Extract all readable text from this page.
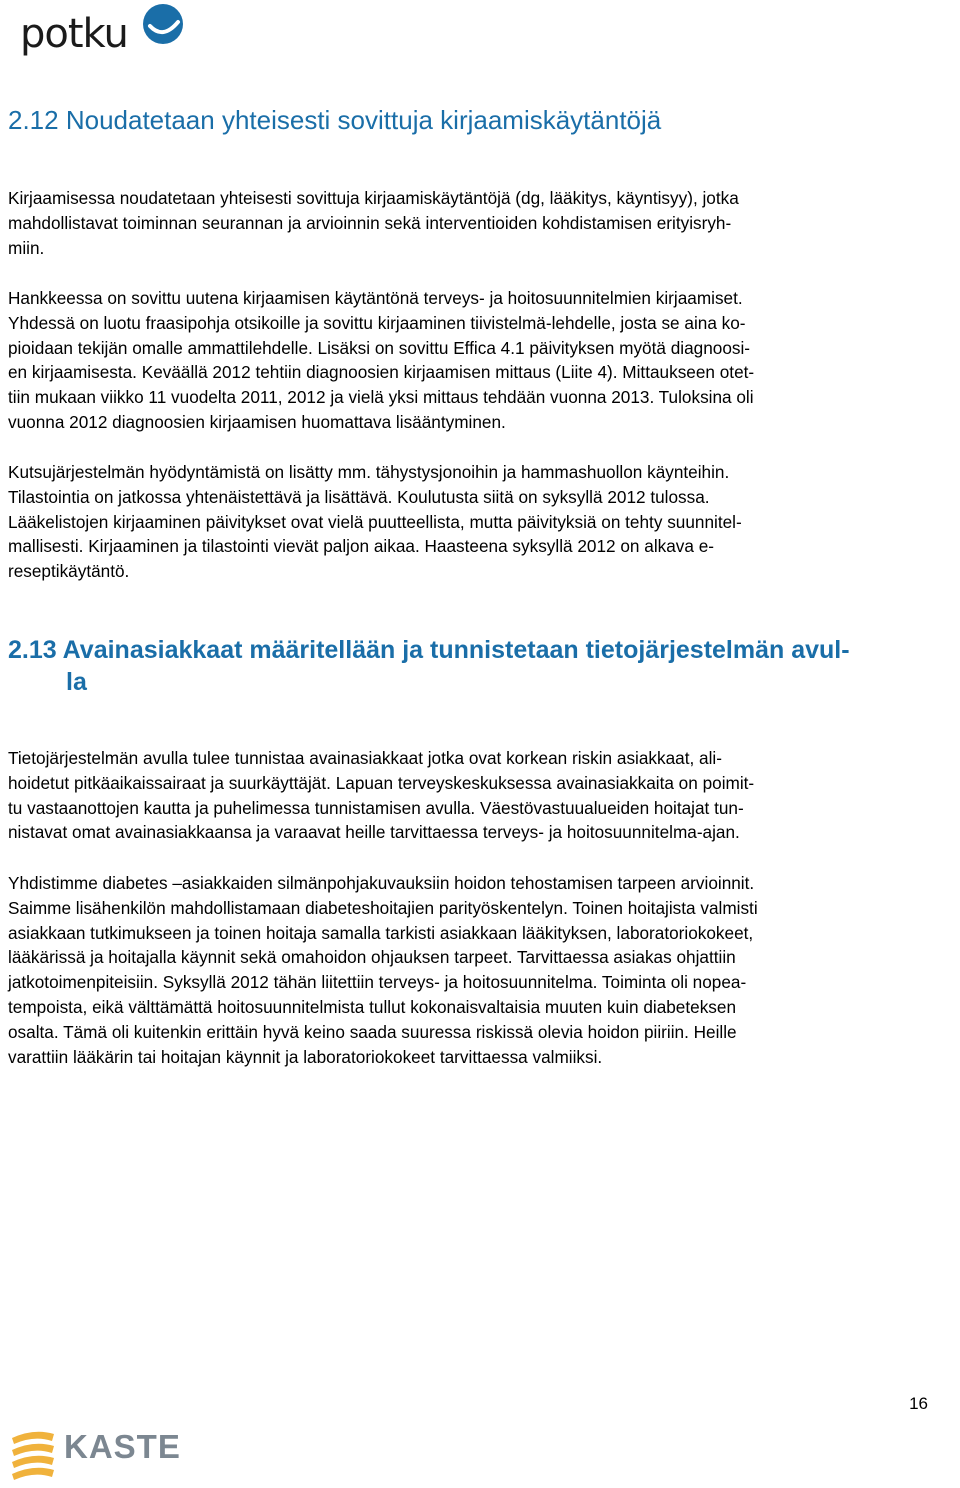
potku
2.12 Noudatetaan yhteisesti sovittuja kirjaamiskäytäntöjä

Kirjaamisessa noudatetaan yhteisesti sovittuja kirjaamiskäytäntöjä (dg, lääkitys, käyntisyy), jotka
mahdollistavat toiminnan seurannan ja arvioinnin sekä interventioiden kohdistamisen erityisryh-
miin.

Hankkeessa on sovittu uutena kirjaamisen käytäntönä terveys- ja hoitosuunnitelmien kirjaamiset.
Yhdessä on luotu fraasipohja otsikoille ja sovittu kirjaaminen tiivistelmä-lehdelle, josta se aina ko-
pioidaan tekijän omalle ammattilehdelle. Lisäksi on sovittu Effica 4.1 päivityksen myötä diagnoosi-
en kirjaamisesta. Keväällä 2012 tehtiin diagnoosien kirjaamisen mittaus (Liite 4). Mittaukseen otet-
tiin mukaan viikko 11 vuodelta 2011, 2012 ja vielä yksi mittaus tehdään vuonna 2013. Tuloksina oli
vuonna 2012 diagnoosien kirjaamisen huomattava lisääntyminen.

Kutsujärjestelmän hyödyntämistä on lisätty mm. tähystysjonoihin ja hammashuollon käynteihin.
Tilastointia on jatkossa yhtenäistettävä ja lisättävä. Koulutusta siitä on syksyllä 2012 tulossa.
Lääkelistojen kirjaaminen päivitykset ovat vielä puutteellista, mutta päivityksiä on tehty suunnitel-
mallisesti. Kirjaaminen ja tilastointi vievät paljon aikaa. Haasteena syksyllä 2012 on alkava e-
reseptikäytäntö.

2.13 Avainasiakkaat määritellään ja tunnistetaan tietojärjestelmän avul-
la

Tietojärjestelmän avulla tulee tunnistaa avainasiakkaat jotka ovat korkean riskin asiakkaat, ali-
hoidetut pitkäaikaissairaat ja suurkäyttäjät. Lapuan terveyskeskuksessa avainasiakkaita on poimit-
tu vastaanottojen kautta ja puhelimessa tunnistamisen avulla. Väestövastuualueiden hoitajat tun-
nistavat omat avainasiakkaansa ja varaavat heille tarvittaessa terveys- ja hoitosuunnitelma-ajan.

Yhdistimme diabetes –asiakkaiden silmänpohjakuvauksiin hoidon tehostamisen tarpeen arvioinnit.
Saimme lisähenkilön mahdollistamaan diabeteshoitajien parityöskentelyn. Toinen hoitajista valmisti
asiakkaan tutkimukseen ja toinen hoitaja samalla tarkisti asiakkaan lääkityksen, laboratoriokokeet,
lääkärissä ja hoitajalla käynnit sekä omahoidon ohjauksen tarpeet. Tarvittaessa asiakas ohjattiin
jatkotoimenpiteisiin. Syksyllä 2012 tähän liitettiin terveys- ja hoitosuunnitelma. Toiminta oli nopea-
tempoista, eikä välttämättä hoitosuunnitelmista tullut kokonaisvaltaisia muuten kuin diabeteksen
osalta. Tämä oli kuitenkin erittäin hyvä keino saada suuressa riskissä olevia hoidon piiriin. Heille
varattiin lääkärin tai hoitajan käynnit ja laboratoriokokeet tarvittaessa valmiiksi.

16
KASTE
